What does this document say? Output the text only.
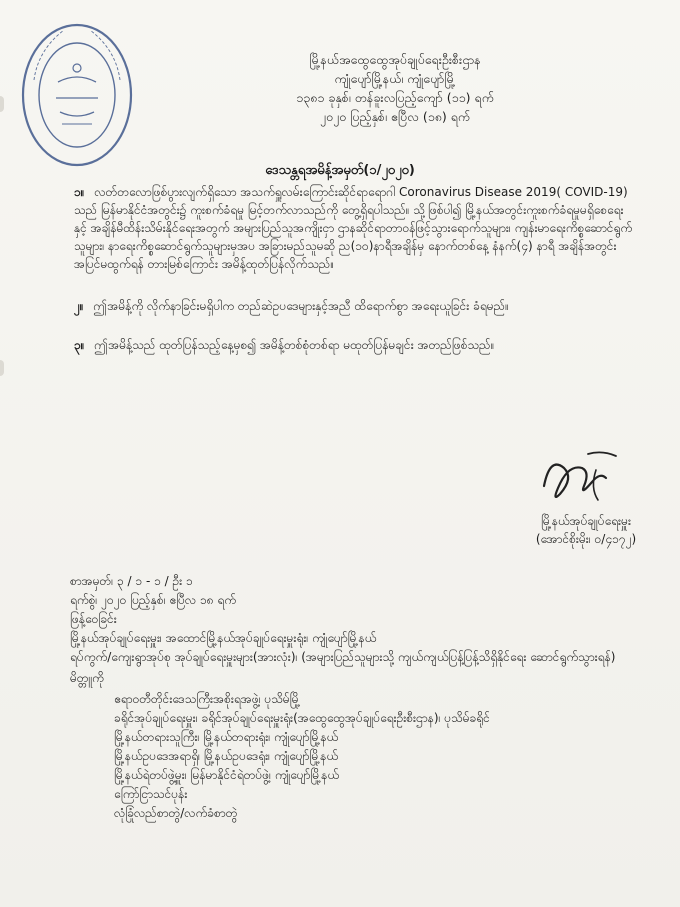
မြို့နယ်အထွေထွေအုပ်ချုပ်ရေးဦးစီးဌာန
ကျုံပျော်မြို့နယ်၊ ကျုံပျော်မြို့
၁၃၈၁ ခုနှစ်၊ တန်ခူးလပြည့်ကျော် (၁၁) ရက်
၂၀၂၀ ပြည့်နှစ်၊ ဧပြီလ (၁၈) ရက်
ဒေသန္တရအမိန့်အမှတ်(၁/၂၀၂၀)
၁။ လတ်တလောဖြစ်ပွားလျက်ရှိသော အသက်ရှူလမ်းကြောင်းဆိုင်ရာရောဂါ Coronavirus Disease 2019( COVID-19) သည် မြန်မာနိုင်ငံအတွင်း၌ ကူးစက်ခံရမှု မြင့်တက်လာသည်ကို တွေ့ရှိရပါသည်။ သို့ဖြစ်ပါ၍ မြို့နယ်အတွင်းကူးစက်ခံရမှုမရှိစေရေးနှင့် အချိန်မီထိန်းသိမ်းနိုင်ရေးအတွက် အများပြည်သူအကျိုးငှာ ဌာနဆိုင်ရာတာဝန်ဖြင့်သွားရောက်သူများ၊ ကျန်းမာရေးကိစ္စဆောင်ရွက်သူများ၊ နာရေးကိစ္စဆောင်ရွက်သူများမှအပ အခြားမည်သူမဆို ည(၁၀)နာရီအချိန်မှ နောက်တစ်နေ့ နံနက်(၄) နာရီ အချိန်အတွင်း အပြင်မထွက်ရန် တားမြစ်ကြောင်း အမိန့်ထုတ်ပြန်လိုက်သည်။
၂။ ဤအမိန့်ကို လိုက်နာခြင်းမရှိပါက တည်ဆဲဥပဒေများနှင့်အညီ ထိရောက်စွာ အရေးယူခြင်း ခံရမည်။
၃။ ဤအမိန့်သည် ထုတ်ပြန်သည့်နေ့မှစ၍ အမိန့်တစ်စုံတစ်ရာ မထုတ်ပြန်မချင်း အတည်ဖြစ်သည်။
မြို့နယ်အုပ်ချုပ်ရေးမှူး
(အောင်စိုးမိုး၊ ဝ/၄၁၇၂)
စာအမှတ်၊ ၃ / ၁ - ၁ / ဦး ၁
ရက်စွဲ၊ ၂၀၂၀ ပြည့်နှစ်၊ ဧပြီလ ၁၈ ရက်
ဖြန့်ဝေခြင်း
မြို့နယ်အုပ်ချုပ်ရေးမှူး၊ အထောင်မြို့နယ်အုပ်ချုပ်ရေးမှူးရုံး၊ ကျုံပျော်မြို့နယ်
ရပ်ကွက်/ကျေးရွာအုပ်စု အုပ်ချုပ်ရေးမှူးများ(အားလုံး)၊ (အများပြည်သူများသို့ ကျယ်ကျယ်ပြန့်ပြန့်သိရှိနိုင်ရေး ဆောင်ရွက်သွားရန်)
မိတ္တူကို
ဧရာဝတီတိုင်းဒေသကြီးအစိုးရအဖွဲ့၊ ပုသိမ်မြို့
ခရိုင်အုပ်ချုပ်ရေးမှူး၊ ခရိုင်အုပ်ချုပ်ရေးမှူးရုံး(အထွေထွေအုပ်ချုပ်ရေးဦးစီးဌာန)၊ ပုသိမ်ခရိုင်
မြို့နယ်တရားသူကြီး၊ မြို့နယ်တရားရုံး၊ ကျုံပျော်မြို့နယ်
မြို့နယ်ဥပဒေအရာရှိ၊ မြို့နယ်ဥပဒေရုံး၊ ကျုံပျော်မြို့နယ်
မြို့နယ်ရဲတပ်ဖွဲ့မှူး၊ မြန်မာနိုင်ငံရဲတပ်ဖွဲ့၊ ကျုံပျော်မြို့နယ်
ကြော်ငြာသင်ပုန်း
လုံခြုံလည်စာတွဲ/လက်ခံစာတွဲ
